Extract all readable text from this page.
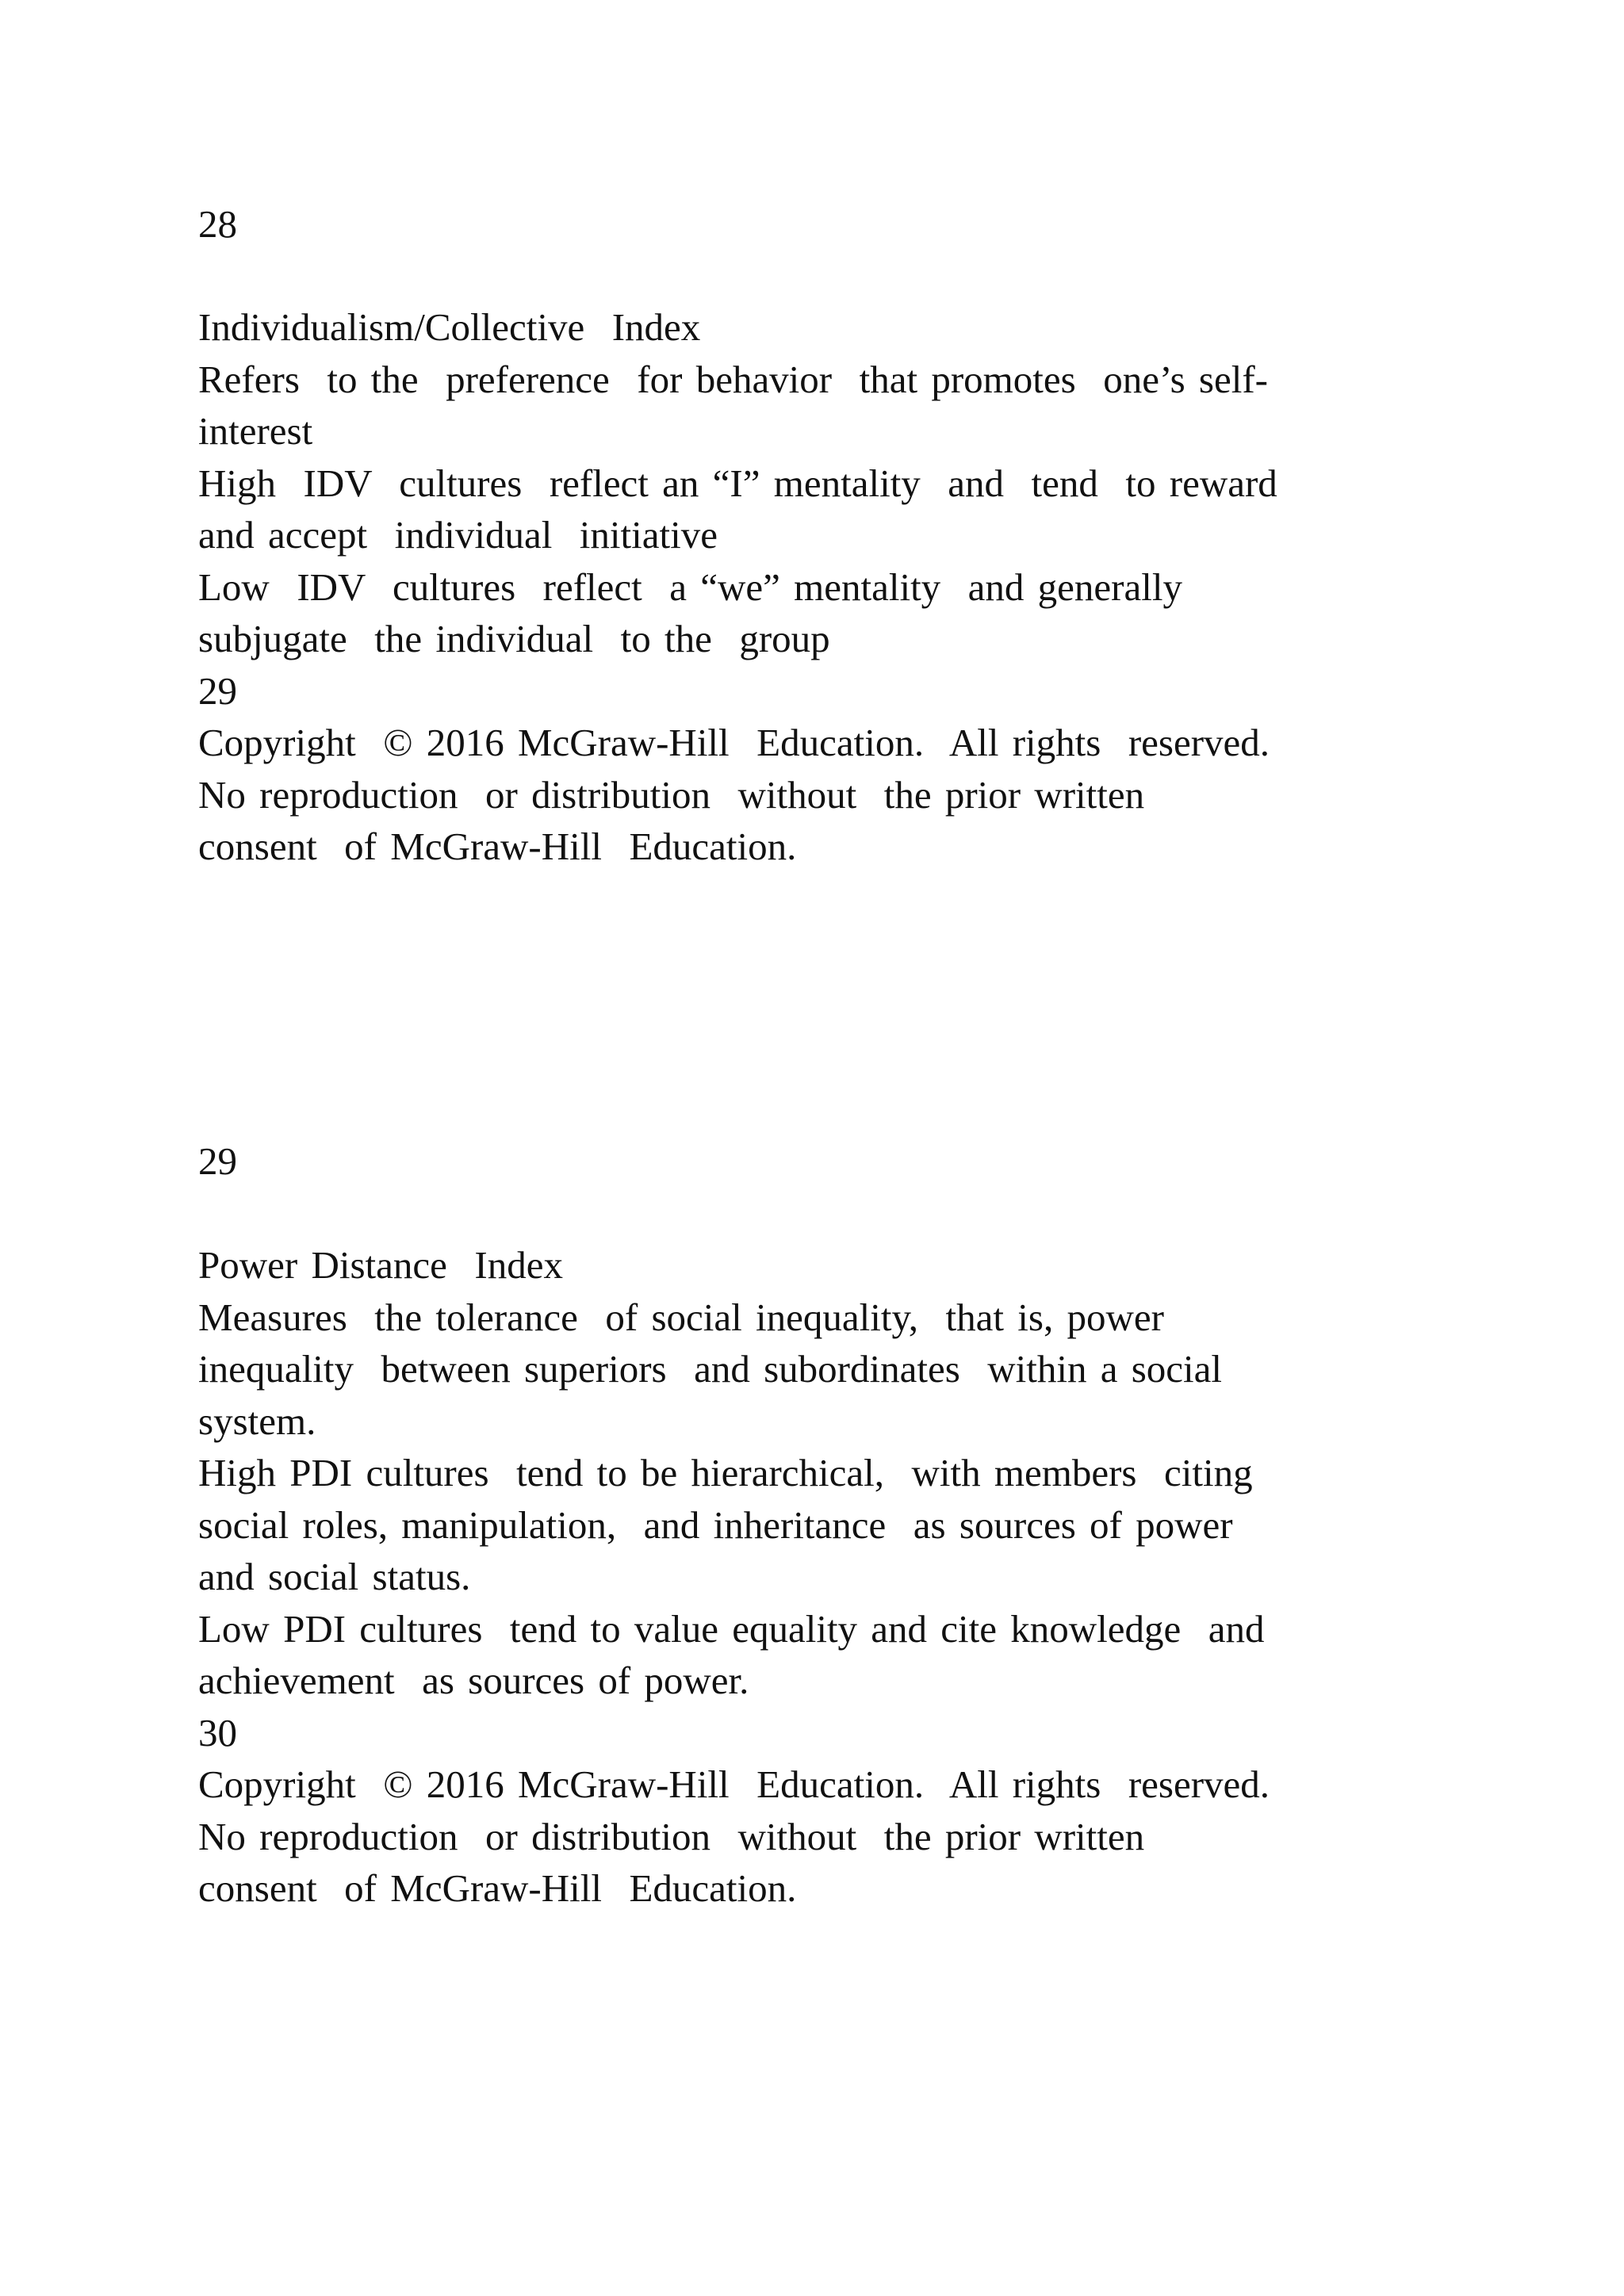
28
Individualism/Collective  Index
Refers  to the  preference  for behavior  that promotes  one’s self-
interest
High  IDV  cultures  reflect an “I” mentality  and  tend  to reward
and accept  individual  initiative
Low  IDV  cultures  reflect  a “we” mentality  and generally
subjugate  the individual  to the  group
29
Copyright  © 2016 McGraw-Hill  Education.  All rights  reserved.
No reproduction  or distribution  without  the prior written
consent  of McGraw-Hill  Education.
29
Power Distance  Index
Measures  the tolerance  of social inequality,  that is, power
inequality  between superiors  and subordinates  within a social
system.
High PDI cultures  tend to be hierarchical,  with members  citing
social roles, manipulation,  and inheritance  as sources of power
and social status.
Low PDI cultures  tend to value equality and cite knowledge  and
achievement  as sources of power.
30
Copyright  © 2016 McGraw-Hill  Education.  All rights  reserved.
No reproduction  or distribution  without  the prior written
consent  of McGraw-Hill  Education.
